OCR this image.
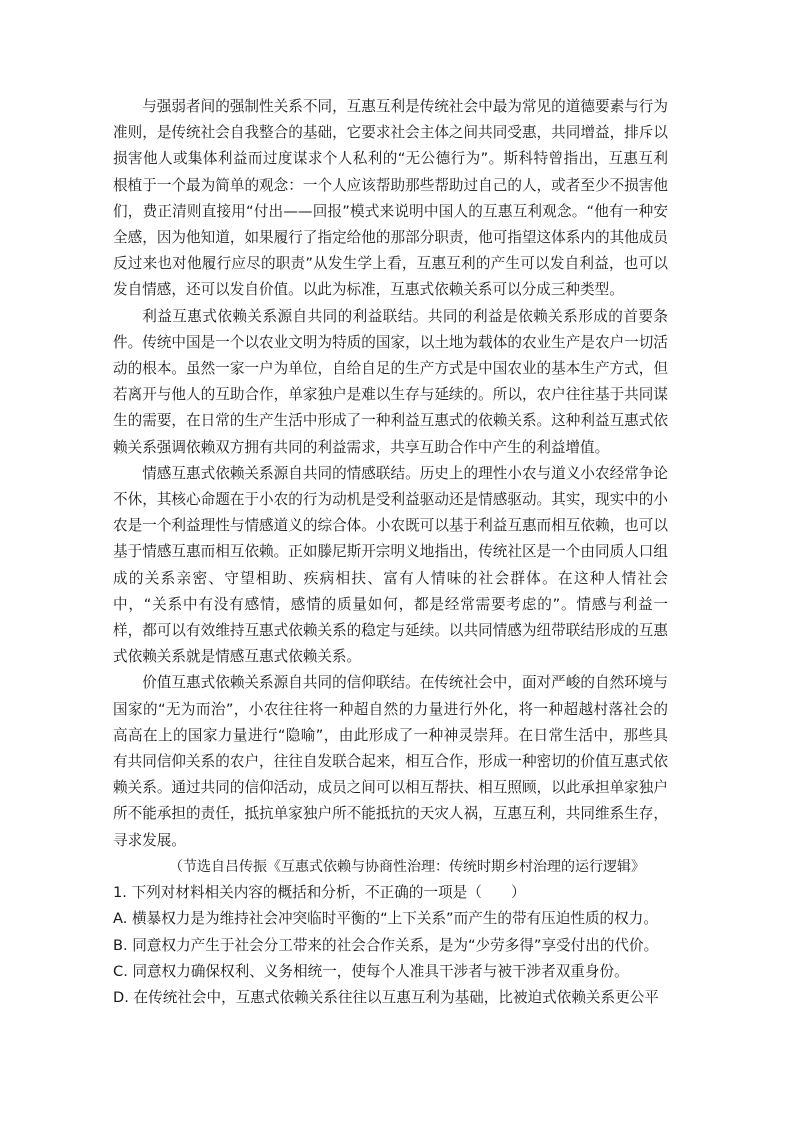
与强弱者间的强制性关系不同，互惠互利是传统社会中最为常见的道德要素与行为准则，是传统社会自我整合的基础，它要求社会主体之间共同受惠，共同增益，排斥以损害他人或集体利益而过度谋求个人私利的“无公德行为”。斯科特曾指出，互惠互利根植于一个最为简单的观念：一个人应该帮助那些帮助过自己的人，或者至少不损害他们，费正清则直接用“付出——回报”模式来说明中国人的互惠互利观念。“他有一种安全感，因为他知道，如果履行了指定给他的那部分职责，他可指望这体系内的其他成员反过来也对他履行应尽的职责”从发生学上看，互惠互利的产生可以发自利益，也可以发自情感，还可以发自价值。以此为标准，互惠式依赖关系可以分成三种类型。

利益互惠式依赖关系源自共同的利益联结。共同的利益是依赖关系形成的首要条件。传统中国是一个以农业文明为特质的国家，以土地为载体的农业生产是农户一切活动的根本。虽然一家一户为单位，自给自足的生产方式是中国农业的基本生产方式，但若离开与他人的互助合作，单家独户是难以生存与延续的。所以，农户往往基于共同谋生的需要，在日常的生产生活中形成了一种利益互惠式的依赖关系。这种利益互惠式依赖关系强调依赖双方拥有共同的利益需求，共享互助合作中产生的利益增值。

情感互惠式依赖关系源自共同的情感联结。历史上的理性小农与道义小农经常争论不休，其核心命题在于小农的行为动机是受利益驱动还是情感驱动。其实，现实中的小农是一个利益理性与情感道义的综合体。小农既可以基于利益互惠而相互依赖，也可以基于情感互惠而相互依赖。正如滕尼斯开宗明义地指出，传统社区是一个由同质人口组成的关系亲密、守望相助、疾病相扶、富有人情味的社会群体。在这种人情社会中，“关系中有没有感情，感情的质量如何，都是经常需要考虑的”。情感与利益一样，都可以有效维持互惠式依赖关系的稳定与延续。以共同情感为纽带联结形成的互惠式依赖关系就是情感互惠式依赖关系。

价值互惠式依赖关系源自共同的信仰联结。在传统社会中，面对严峻的自然环境与国家的“无为而治”，小农往往将一种超自然的力量进行外化，将一种超越村落社会的高高在上的国家力量进行“隐喻”，由此形成了一种神灵崇拜。在日常生活中，那些具有共同信仰关系的农户，往往自发联合起来，相互合作，形成一种密切的价值互惠式依赖关系。通过共同的信仰活动，成员之间可以相互帮扶、相互照顾，以此承担单家独户所不能承担的责任，抵抗单家独户所不能抵抗的天灾人祸，互惠互利，共同维系生存，寻求发展。

（节选自吕传振《互惠式依赖与协商性治理：传统时期乡村治理的运行逻辑》

1. 下列对材料相关内容的概括和分析，不正确的一项是（　　）

A. 横暴权力是为维持社会冲突临时平衡的“上下关系”而产生的带有压迫性质的权力。

B. 同意权力产生于社会分工带来的社会合作关系，是为“少劳多得”享受付出的代价。

C. 同意权力确保权利、义务相统一，使每个人准具干涉者与被干涉者双重身份。

D. 在传统社会中，互惠式依赖关系往往以互惠互利为基础，比被迫式依赖关系更公平
